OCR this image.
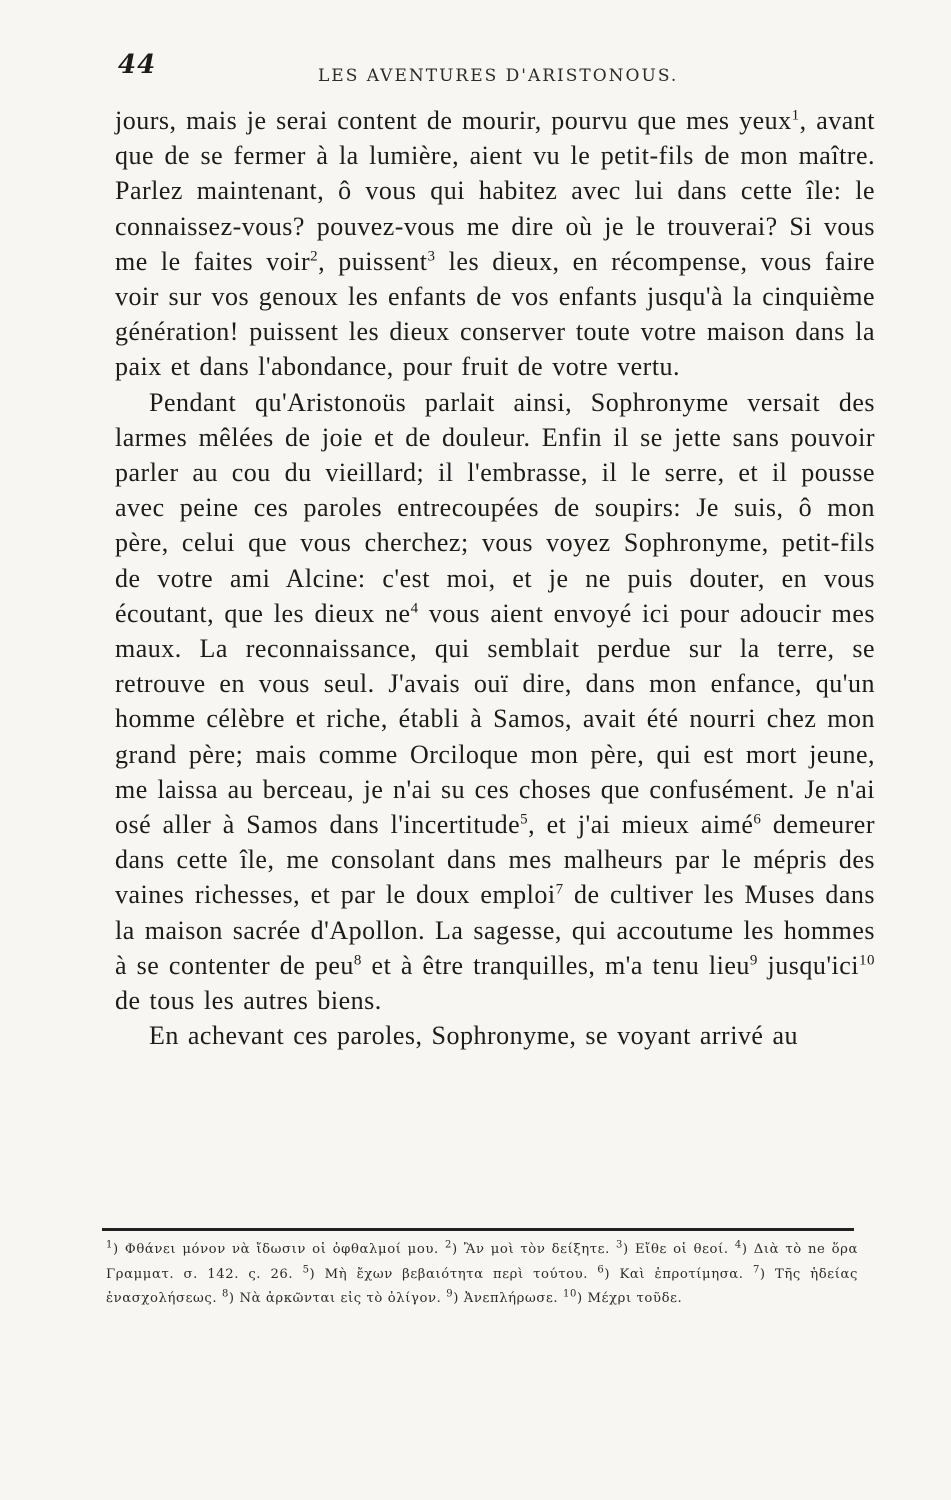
44	LES AVENTURES D'ARISTONOUS.

jours, mais je serai content de mourir, pourvu que mes yeux$^1$, avant que de se fermer à la lumière, aient vu le petit-fils de mon maître. Parlez maintenant, ô vous qui habitez avec lui dans cette île: le connaissez-vous? pouvez-vous me dire où je le trouverai? Si vous me le faites voir$^2$, puissent$^3$ les dieux, en récompense, vous faire voir sur vos genoux les enfants de vos enfants jusqu'à la cinquième génération! puissent les dieux conserver toute votre maison dans la paix et dans l'abondance, pour fruit de votre vertu.

Pendant qu'Aristonoüs parlait ainsi, Sophronyme versait des larmes mêlées de joie et de douleur. Enfin il se jette sans pouvoir parler au cou du vieillard; il l'embrasse, il le serre, et il pousse avec peine ces paroles entrecoupées de soupirs: Je suis, ô mon père, celui que vous cherchez; vous voyez Sophronyme, petit-fils de votre ami Alcine: c'est moi, et je ne puis douter, en vous écoutant, que les dieux $ne^4$ vous aient envoyé ici pour adoucir mes maux. La reconnaissance, qui semblait perdue sur la terre, se retrouve en vous seul. J'avais ouï dire, dans mon enfance, qu'un homme célèbre et riche, établi à Samos, avait été nourri chez mon grand père; mais comme Orciloque mon père, qui est mort jeune, me laissa au berceau, je n'ai su ces choses que confusément. Je n'ai osé aller à Samos dans l'incertitude$^5$, et j'ai mieux aimé$^6$ demeurer dans cette île, me consolant dans mes malheurs par le mépris des vaines richesses, et par le doux emploi$^7$ de cultiver les Muses dans la maison sacrée d'Apollon. La sagesse, qui accoutume les hommes à se contenter de peu$^8$ et à être tranquilles, m'a tenu lieu$^9$ jusqu'ici$^{10}$ de tous les autres biens.

En achevant ces paroles, Sophronyme, se voyant arrivé au

$^1$) Φθάνει μόνον νὰ ἴδωσιν οἱ ὀφθαλμοί μου. $^2$) Ἂν μοὶ τὸν δείξητε. $^3$) Εἴθε οἱ θεοί. $^4$) Διὰ τὸ ne ὅρα Γραμματ. σ. 142. ς. 26. $^5$) Μὴ ἔχων βεβαιότητα περὶ τούτου. $^6$) Καὶ ἐπροτίμησα. $^7$) Τῆς ἡδείας ἐνασχολήσεως. $^8$) Νὰ ἀρκῶνται εἰς τὸ ὀλίγον. $^9$) Ἀνεπλήρωσε. $^{10}$) Μέχρι τοῦδε.
